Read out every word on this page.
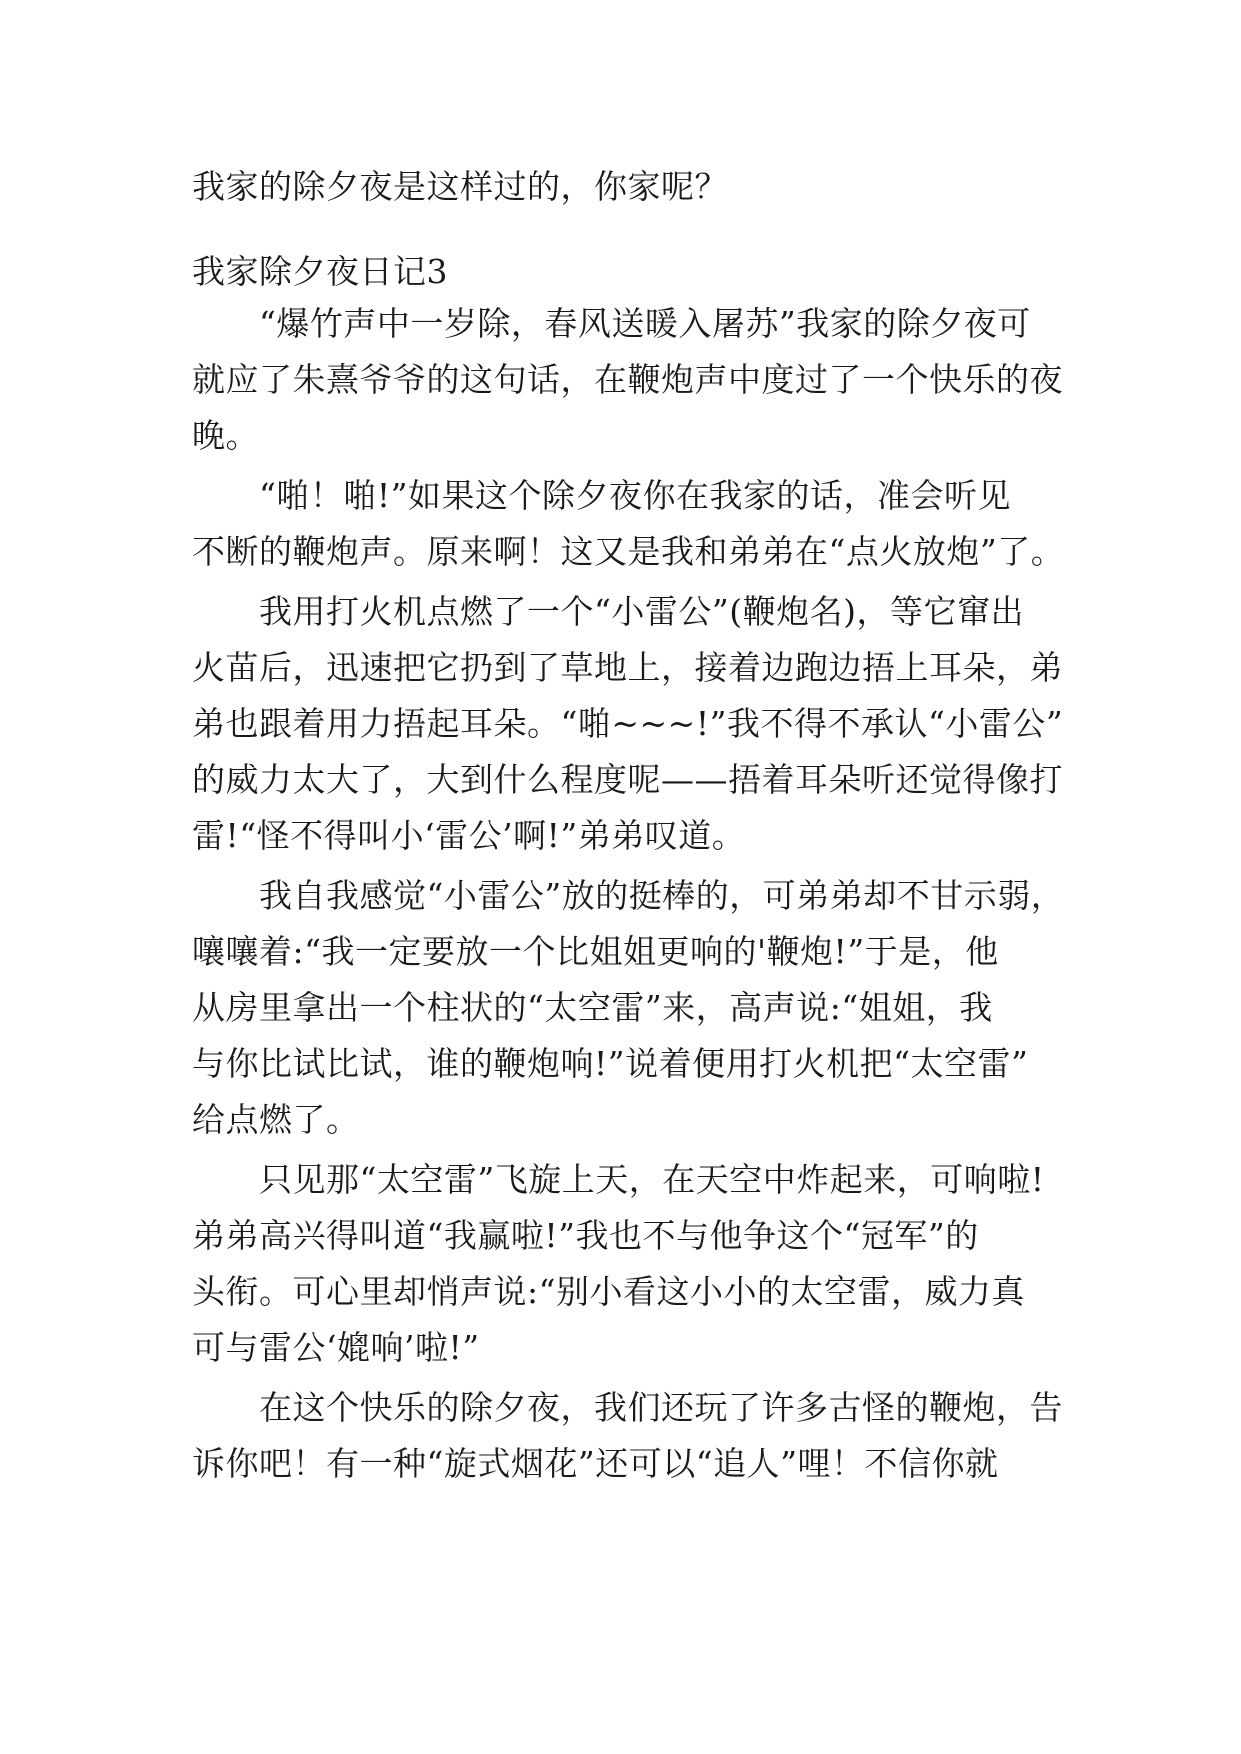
我家的除夕夜是这样过的，你家呢？
我家除夕夜日记3
　　“爆竹声中一岁除，春风送暖入屠苏”我家的除夕夜可
就应了朱熹爷爷的这句话，在鞭炮声中度过了一个快乐的夜
晚。
　　“啪！啪!”如果这个除夕夜你在我家的话，准会听见
不断的鞭炮声。原来啊！这又是我和弟弟在“点火放炮”了。
　　我用打火机点燃了一个“小雷公”(鞭炮名)，等它窜出
火苗后，迅速把它扔到了草地上，接着边跑边捂上耳朵，弟
弟也跟着用力捂起耳朵。“啪~~~!”我不得不承认“小雷公”
的威力太大了，大到什么程度呢——捂着耳朵听还觉得像打
雷!“怪不得叫小‘雷公’啊!”弟弟叹道。
　　我自我感觉“小雷公”放的挺棒的，可弟弟却不甘示弱，
嚷嚷着:“我一定要放一个比姐姐更响的'鞭炮!”于是，他
从房里拿出一个柱状的“太空雷”来，高声说:“姐姐，我
与你比试比试，谁的鞭炮响!”说着便用打火机把“太空雷”
给点燃了。
　　只见那“太空雷”飞旋上天，在天空中炸起来，可响啦!
弟弟高兴得叫道“我赢啦!”我也不与他争这个“冠军”的
头衔。可心里却悄声说:“别小看这小小的太空雷，威力真
可与雷公‘媲响’啦!”
　　在这个快乐的除夕夜，我们还玩了许多古怪的鞭炮，告
诉你吧！有一种“旋式烟花”还可以“追人”哩！不信你就
